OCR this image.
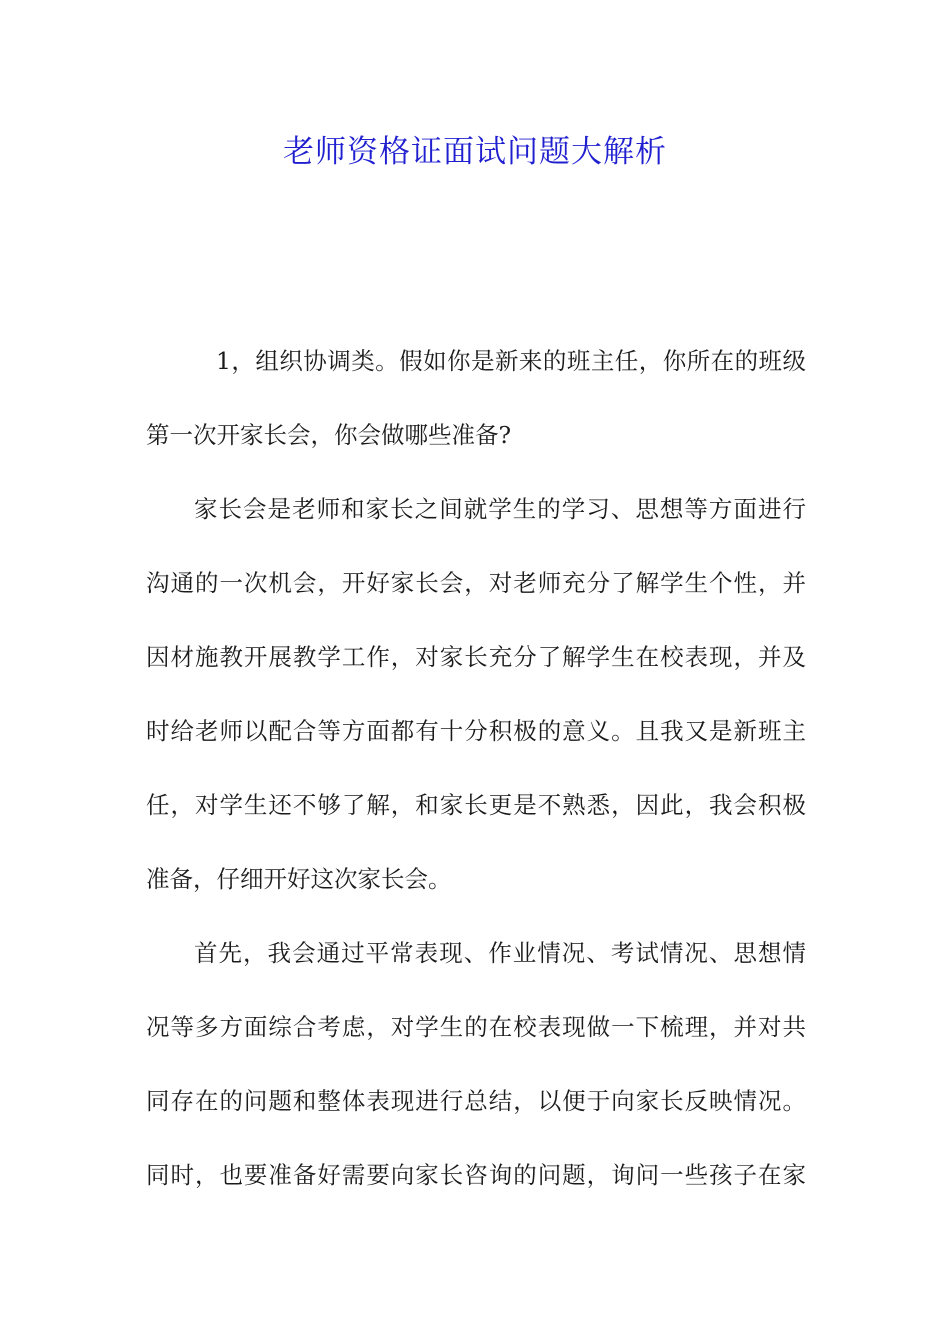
老师资格证面试问题大解析
1，组织协调类。假如你是新来的班主任，你所在的班级
第一次开家长会，你会做哪些准备?
家长会是老师和家长之间就学生的学习、思想等方面进行
沟通的一次机会，开好家长会，对老师充分了解学生个性，并
因材施教开展教学工作，对家长充分了解学生在校表现，并及
时给老师以配合等方面都有十分积极的意义。且我又是新班主
任，对学生还不够了解，和家长更是不熟悉，因此，我会积极
准备，仔细开好这次家长会。
首先，我会通过平常表现、作业情况、考试情况、思想情
况等多方面综合考虑，对学生的在校表现做一下梳理，并对共
同存在的问题和整体表现进行总结，以便于向家长反映情况。
同时，也要准备好需要向家长咨询的问题，询问一些孩子在家
